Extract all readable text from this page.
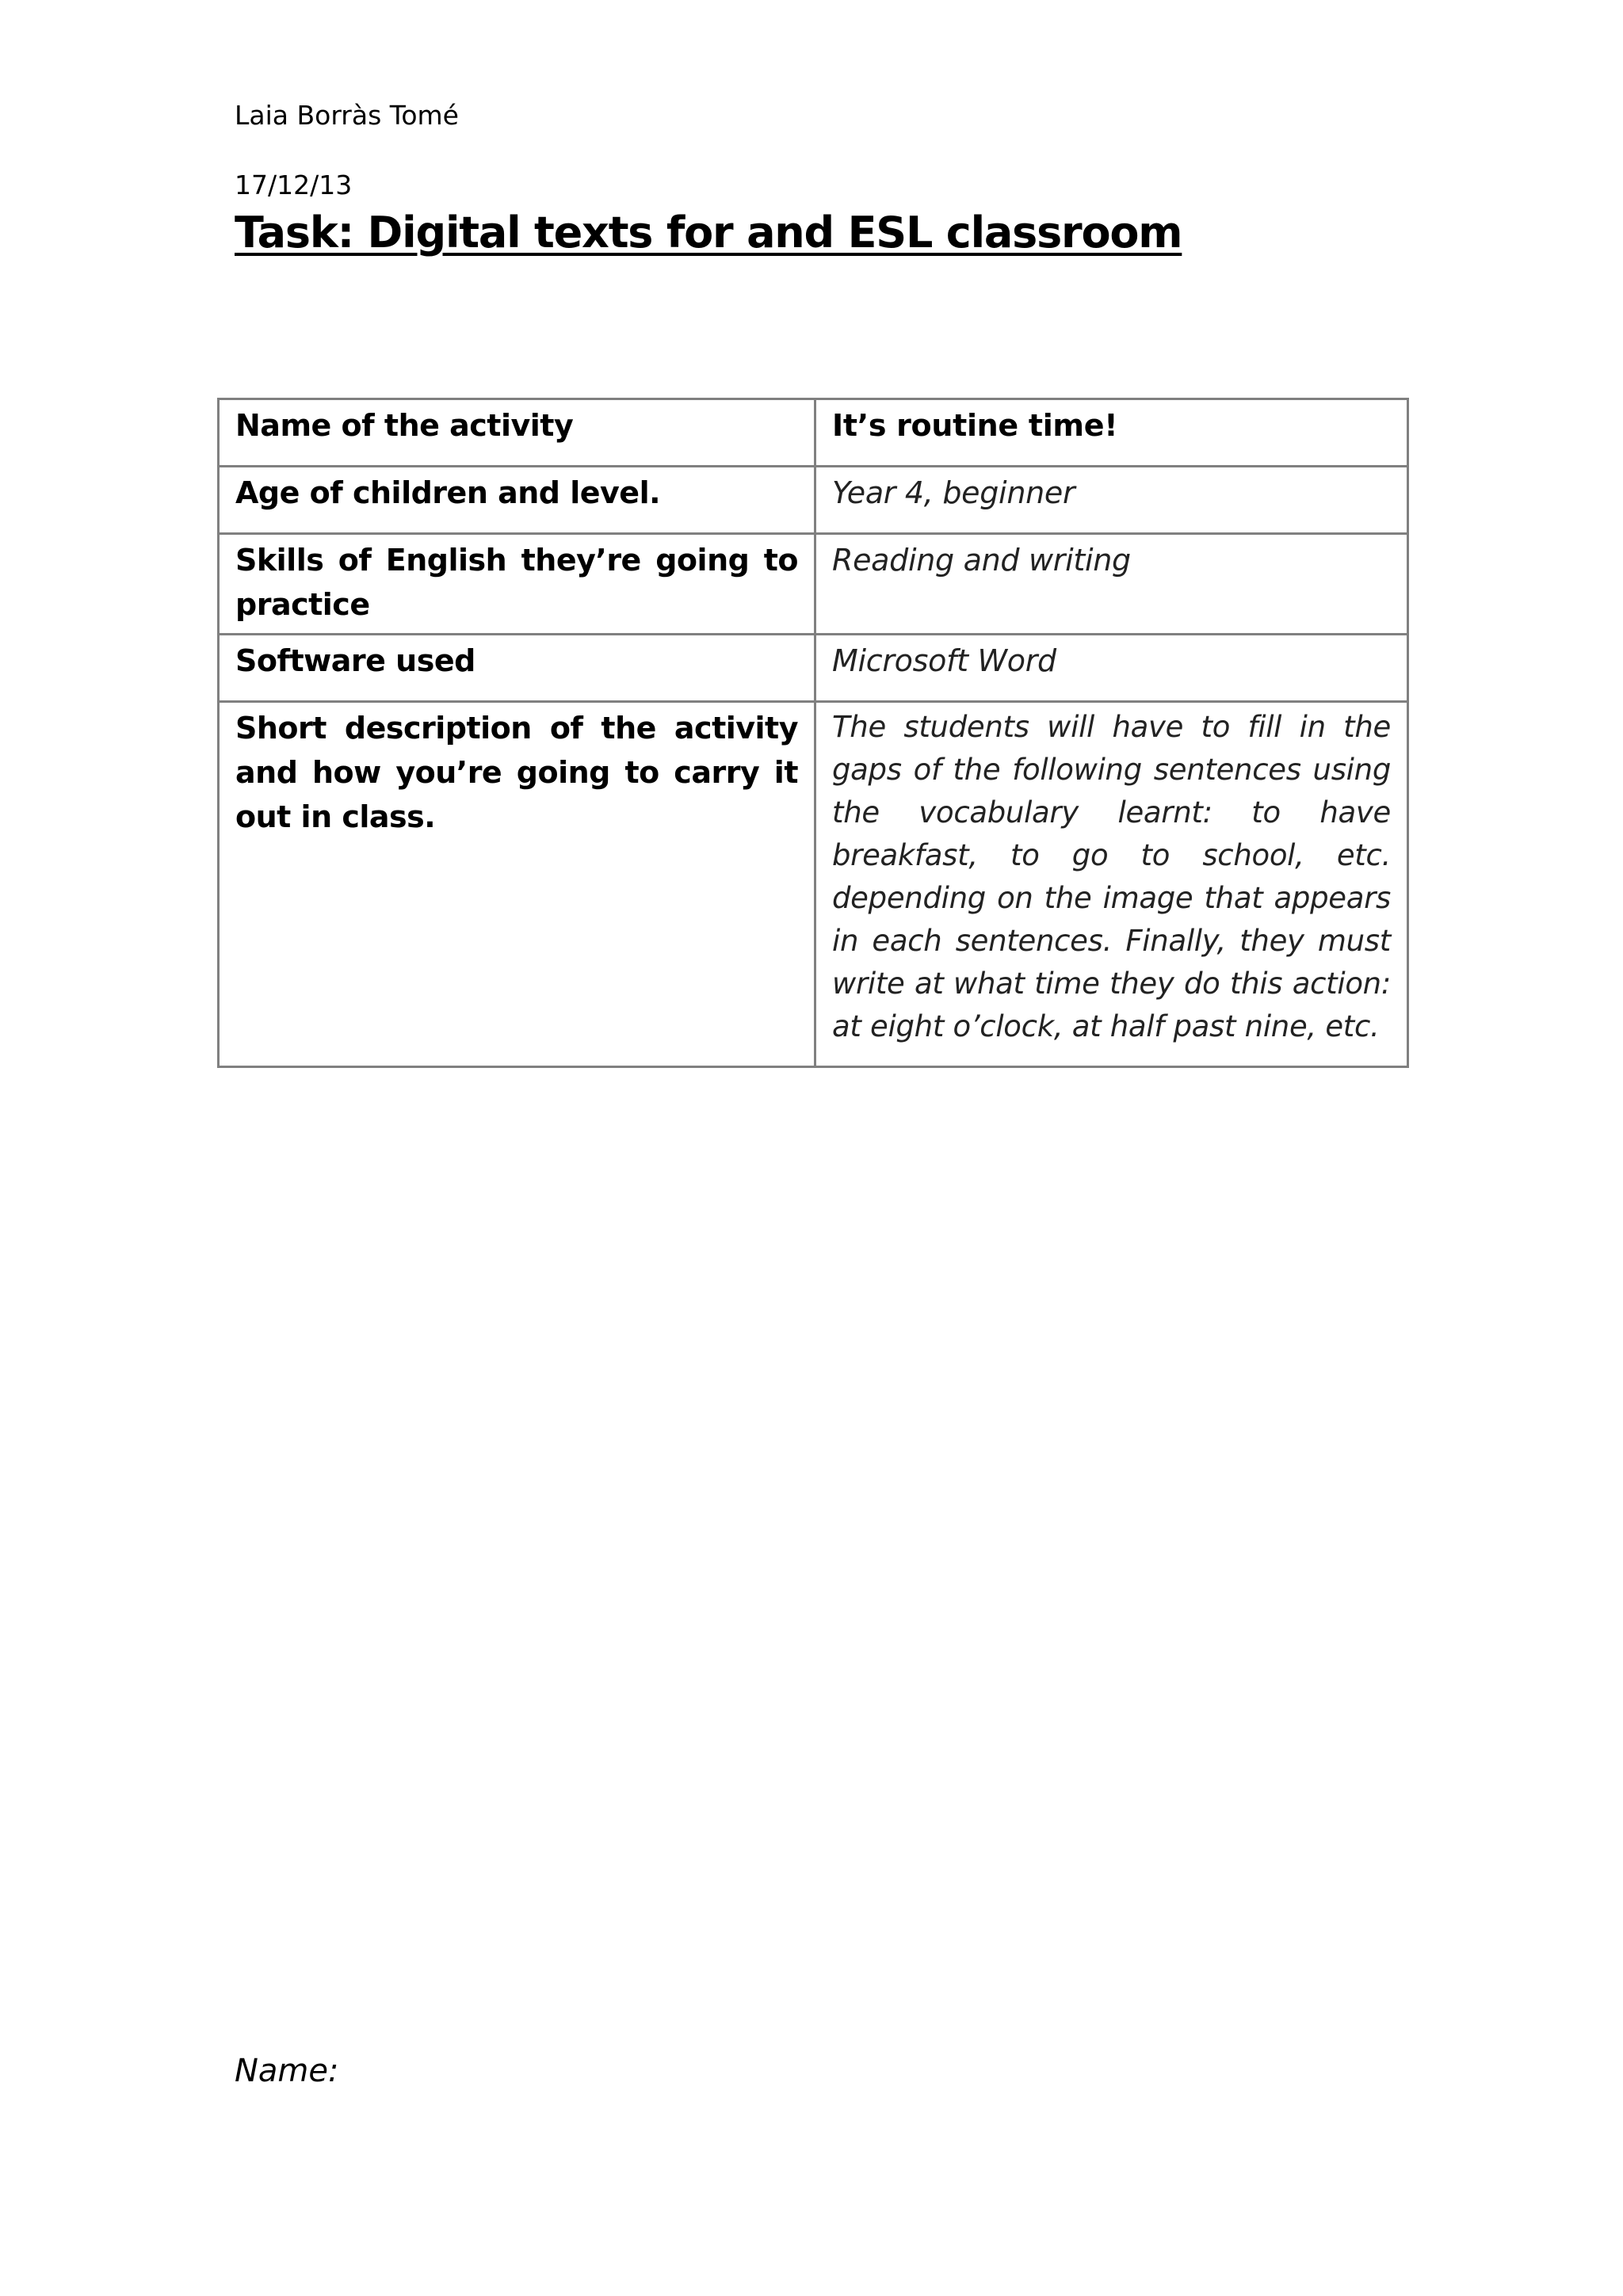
Laia Borràs Tomé
17/12/13
Task: Digital texts for and ESL classroom
Name of the activity	It’s routine time!
Age of children and level.	Year 4, beginner
Skills of English they’re going to practice	Reading and writing
Software used	Microsoft Word
Short description of the activity and how you’re going to carry it out in class.	The students will have to fill in the gaps of the following sentences using the vocabulary learnt: to have breakfast, to go to school, etc. depending on the image that appears in each sentences. Finally, they must write at what time they do this action: at eight o’clock, at half past nine, etc.
Name:
